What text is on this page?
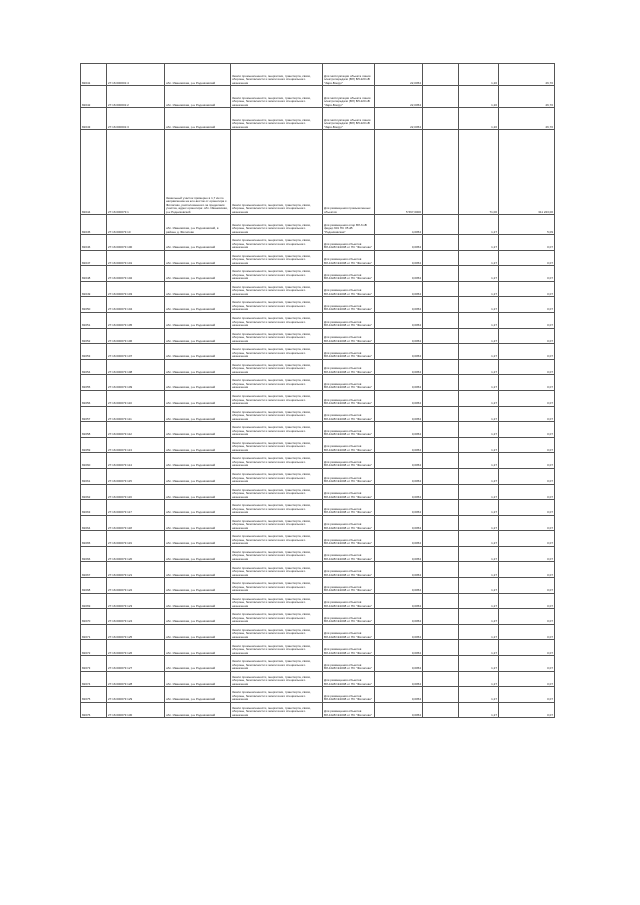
82041	27:16:000001:4	обл. Ивановская, р-н Родниковский	Земли промышленности, энергетики, транспорта, связи, обороны, безопасности и земли иного специального назначения	Для эксплуатации объекта линии электропередачи (ВЛ) ВЛ-220 кВ "Заря-Вокруг"	22,0054		1,20	26,70
82042	27:16:000001:2	обл. Ивановская, р-н Родниковский	Земли промышленности, энергетики, транспорта, связи, обороны, безопасности и земли иного специального назначения	Для эксплуатации объекта линии электропередачи (ВЛ) ВЛ-220 кВ "Заря-Вокруг"	22,0054		1,20	26,70
82043	27:16:000001:3	обл. Ивановская, р-н Родниковский	Земли промышленности, энергетики, транспорта, связи, обороны, безопасности и земли иного специального назначения	Для эксплуатации объекта линии электропередачи (ВЛ) ВЛ-220 кВ "Заря-Вокруг"	22,0054		1,20	26,70
82044	27:16:000073:1	Земельный участок примерно в 1,7 км по направлению на юго-восток от ориентира с. Филисово, расположенного за пределами участка, адрес ориентира: обл. Ивановская, р-н Родниковский	Земли промышленности, энергетики, транспорта, связи, обороны, безопасности и земли иного специального назначения	Для размещения промышленных объектов	5 597,0000		71,00	311 223,00
82045	27:16:000073:10	обл. Ивановская, р-н Родниковский, в районе д. Филисово	Земли промышленности, энергетики, транспорта, связи, обороны, безопасности и земли иного специального назначения	Для размещения опор ВЛ-6 кВ фидер 601 ПС 35 кВ "Родниковская"	4,0054		1,27	5,09
82046	27:16:000073:100	обл. Ивановская, р-н Родниковский	Земли промышленности, энергетики, транспорта, связи, обороны, безопасности и земли иного специального назначения	Для размещения объектов ВЛ-10кВ №1008 от ПС "Филисово"	0,0054		1,27	0,07
82047	27:16:000073:101	обл. Ивановская, р-н Родниковский	Земли промышленности, энергетики, транспорта, связи, обороны, безопасности и земли иного специального назначения	Для размещения объектов ВЛ-10кВ №1008 от ПС "Филисово"	0,0054		1,27	0,07
82048	27:16:000073:102	обл. Ивановская, р-н Родниковский	Земли промышленности, энергетики, транспорта, связи, обороны, безопасности и земли иного специального назначения	Для размещения объектов ВЛ-10кВ №1008 от ПС "Филисово"	0,0054		1,27	0,07
82049	27:16:000073:103	обл. Ивановская, р-н Родниковский	Земли промышленности, энергетики, транспорта, связи, обороны, безопасности и земли иного специального назначения	Для размещения объектов ВЛ-10кВ №1008 от ПС "Филисово"	0,0054		1,27	0,07
82050	27:16:000073:104	обл. Ивановская, р-н Родниковский	Земли промышленности, энергетики, транспорта, связи, обороны, безопасности и земли иного специального назначения	Для размещения объектов ВЛ-10кВ №1008 от ПС "Филисово"	0,0054		1,27	0,07
82051	27:16:000073:105	обл. Ивановская, р-н Родниковский	Земли промышленности, энергетики, транспорта, связи, обороны, безопасности и земли иного специального назначения	Для размещения объектов ВЛ-10кВ №1008 от ПС "Филисово"	0,0054		1,27	0,07
82052	27:16:000073:106	обл. Ивановская, р-н Родниковский	Земли промышленности, энергетики, транспорта, связи, обороны, безопасности и земли иного специального назначения	Для размещения объектов ВЛ-10кВ №1008 от ПС "Филисово"	0,0054		1,27	0,07
82053	27:16:000073:107	обл. Ивановская, р-н Родниковский	Земли промышленности, энергетики, транспорта, связи, обороны, безопасности и земли иного специального назначения	Для размещения объектов ВЛ-10кВ №1008 от ПС "Филисово"	0,0054		1,27	0,07
82054	27:16:000073:108	обл. Ивановская, р-н Родниковский	Земли промышленности, энергетики, транспорта, связи, обороны, безопасности и земли иного специального назначения	Для размещения объектов ВЛ-10кВ №1008 от ПС "Филисово"	0,0054		1,27	0,07
82055	27:16:000073:109	обл. Ивановская, р-н Родниковский	Земли промышленности, энергетики, транспорта, связи, обороны, безопасности и земли иного специального назначения	Для размещения объектов ВЛ-10кВ №1008 от ПС "Филисово"	0,0054		1,27	0,07
82056	27:16:000073:110	обл. Ивановская, р-н Родниковский	Земли промышленности, энергетики, транспорта, связи, обороны, безопасности и земли иного специального назначения	Для размещения объектов ВЛ-10кВ №1008 от ПС "Филисово"	0,0054		1,27	0,07
82057	27:16:000073:111	обл. Ивановская, р-н Родниковский	Земли промышленности, энергетики, транспорта, связи, обороны, безопасности и земли иного специального назначения	Для размещения объектов ВЛ-10кВ №1008 от ПС "Филисово"	0,0054		1,27	0,07
82058	27:16:000073:112	обл. Ивановская, р-н Родниковский	Земли промышленности, энергетики, транспорта, связи, обороны, безопасности и земли иного специального назначения	Для размещения объектов ВЛ-10кВ №1008 от ПС "Филисово"	0,0054		1,27	0,07
82059	27:16:000073:113	обл. Ивановская, р-н Родниковский	Земли промышленности, энергетики, транспорта, связи, обороны, безопасности и земли иного специального назначения	Для размещения объектов ВЛ-10кВ №1008 от ПС "Филисово"	0,0054		1,27	0,07
82060	27:16:000073:114	обл. Ивановская, р-н Родниковский	Земли промышленности, энергетики, транспорта, связи, обороны, безопасности и земли иного специального назначения	Для размещения объектов ВЛ-10кВ №1008 от ПС "Филисово"	0,0054		1,27	0,07
82061	27:16:000073:115	обл. Ивановская, р-н Родниковский	Земли промышленности, энергетики, транспорта, связи, обороны, безопасности и земли иного специального назначения	Для размещения объектов ВЛ-10кВ №1008 от ПС "Филисово"	0,0054		1,27	0,07
82062	27:16:000073:116	обл. Ивановская, р-н Родниковский	Земли промышленности, энергетики, транспорта, связи, обороны, безопасности и земли иного специального назначения	Для размещения объектов ВЛ-10кВ №1008 от ПС "Филисово"	0,0054		1,27	0,07
82063	27:16:000073:117	обл. Ивановская, р-н Родниковский	Земли промышленности, энергетики, транспорта, связи, обороны, безопасности и земли иного специального назначения	Для размещения объектов ВЛ-10кВ №1008 от ПС "Филисово"	0,0054		1,27	0,07
82064	27:16:000073:118	обл. Ивановская, р-н Родниковский	Земли промышленности, энергетики, транспорта, связи, обороны, безопасности и земли иного специального назначения	Для размещения объектов ВЛ-10кВ №1008 от ПС "Филисово"	0,0054		1,27	0,07
82065	27:16:000073:119	обл. Ивановская, р-н Родниковский	Земли промышленности, энергетики, транспорта, связи, обороны, безопасности и земли иного специального назначения	Для размещения объектов ВЛ-10кВ №1008 от ПС "Филисово"	0,0054		1,27	0,07
82066	27:16:000073:120	обл. Ивановская, р-н Родниковский	Земли промышленности, энергетики, транспорта, связи, обороны, безопасности и земли иного специального назначения	Для размещения объектов ВЛ-10кВ №1008 от ПС "Филисово"	0,0054		1,27	0,07
82067	27:16:000073:121	обл. Ивановская, р-н Родниковский	Земли промышленности, энергетики, транспорта, связи, обороны, безопасности и земли иного специального назначения	Для размещения объектов ВЛ-10кВ №1008 от ПС "Филисово"	0,0054		1,27	0,07
82068	27:16:000073:122	обл. Ивановская, р-н Родниковский	Земли промышленности, энергетики, транспорта, связи, обороны, безопасности и земли иного специального назначения	Для размещения объектов ВЛ-10кВ №1008 от ПС "Филисово"	0,0054		1,27	0,07
82069	27:16:000073:123	обл. Ивановская, р-н Родниковский	Земли промышленности, энергетики, транспорта, связи, обороны, безопасности и земли иного специального назначения	Для размещения объектов ВЛ-10кВ №1008 от ПС "Филисово"	0,0054		1,27	0,07
82070	27:16:000073:124	обл. Ивановская, р-н Родниковский	Земли промышленности, энергетики, транспорта, связи, обороны, безопасности и земли иного специального назначения	Для размещения объектов ВЛ-10кВ №1008 от ПС "Филисово"	0,0054		1,27	0,07
82071	27:16:000073:125	обл. Ивановская, р-н Родниковский	Земли промышленности, энергетики, транспорта, связи, обороны, безопасности и земли иного специального назначения	Для размещения объектов ВЛ-10кВ №1008 от ПС "Филисово"	0,0054		1,27	0,07
82072	27:16:000073:126	обл. Ивановская, р-н Родниковский	Земли промышленности, энергетики, транспорта, связи, обороны, безопасности и земли иного специального назначения	Для размещения объектов ВЛ-10кВ №1008 от ПС "Филисово"	0,0054		1,27	0,07
82073	27:16:000073:127	обл. Ивановская, р-н Родниковский	Земли промышленности, энергетики, транспорта, связи, обороны, безопасности и земли иного специального назначения	Для размещения объектов ВЛ-10кВ №1008 от ПС "Филисово"	0,0054		1,27	0,07
82074	27:16:000073:128	обл. Ивановская, р-н Родниковский	Земли промышленности, энергетики, транспорта, связи, обороны, безопасности и земли иного специального назначения	Для размещения объектов ВЛ-10кВ №1008 от ПС "Филисово"	0,0054		1,27	0,07
82075	27:16:000073:129	обл. Ивановская, р-н Родниковский	Земли промышленности, энергетики, транспорта, связи, обороны, безопасности и земли иного специального назначения	Для размещения объектов ВЛ-10кВ №1008 от ПС "Филисово"	0,0054		1,27	0,07
82076	27:16:000073:130	обл. Ивановская, р-н Родниковский	Земли промышленности, энергетики, транспорта, связи, обороны, безопасности и земли иного специального назначения	Для размещения объектов ВЛ-10кВ №1008 от ПС "Филисово"	0,0054		1,27	0,07
